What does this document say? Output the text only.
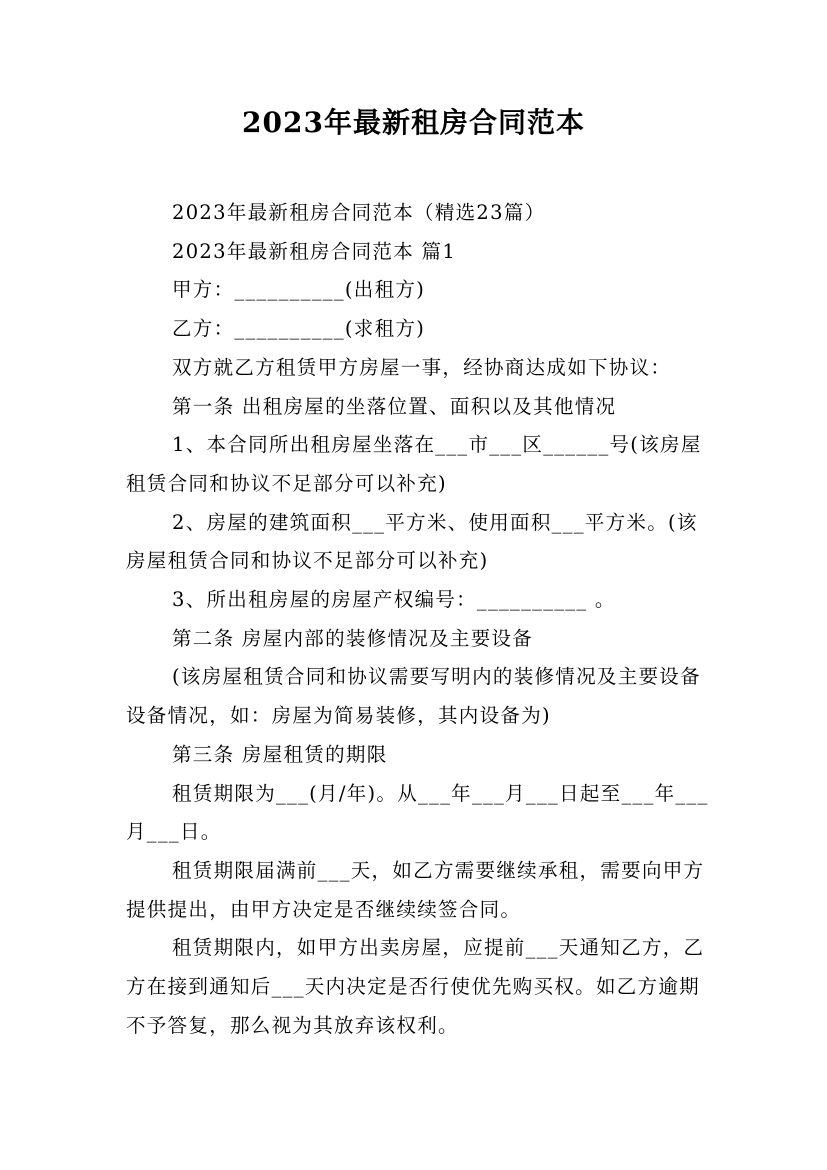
2023年最新租房合同范本

2023年最新租房合同范本（精选23篇）

2023年最新租房合同范本 篇1

甲方：__________(出租方)

乙方：__________(求租方)

双方就乙方租赁甲方房屋一事，经协商达成如下协议：

第一条 出租房屋的坐落位置、面积以及其他情况

1、本合同所出租房屋坐落在___市___区______号(该房屋租赁合同和协议不足部分可以补充)

2、房屋的建筑面积___平方米、使用面积___平方米。(该房屋租赁合同和协议不足部分可以补充)

3、所出租房屋的房屋产权编号：__________ 。

第二条 房屋内部的装修情况及主要设备

(该房屋租赁合同和协议需要写明内的装修情况及主要设备设备情况，如：房屋为简易装修，其内设备为)

第三条 房屋租赁的期限

租赁期限为___(月/年)。从___年___月___日起至___年___月___日。

租赁期限届满前___天，如乙方需要继续承租，需要向甲方提供提出，由甲方决定是否继续续签合同。

租赁期限内，如甲方出卖房屋，应提前___天通知乙方，乙方在接到通知后___天内决定是否行使优先购买权。如乙方逾期不予答复，那么视为其放弃该权利。
